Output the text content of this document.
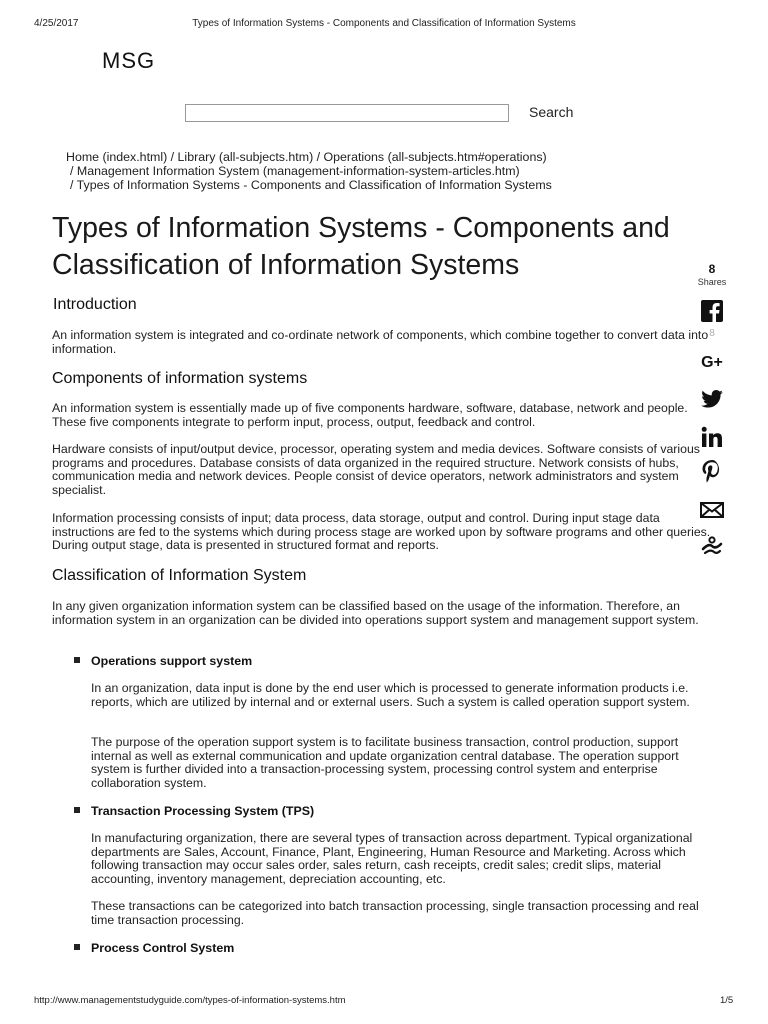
4/25/2017	Types of Information Systems - Components and Classification of Information Systems
MSG
Search
Home (index.html) / Library (all-subjects.htm) / Operations (all-subjects.htm#operations)
/ Management Information System (management-information-system-articles.htm)
/ Types of Information Systems - Components and Classification of Information Systems
Types of Information Systems - Components and Classification of Information Systems
Introduction

An information system is integrated and co-ordinate network of components, which combine together to convert data into information.

Components of information systems

An information system is essentially made up of five components hardware, software, database, network and people. These five components integrate to perform input, process, output, feedback and control.

Hardware consists of input/output device, processor, operating system and media devices. Software consists of various programs and procedures. Database consists of data organized in the required structure. Network consists of hubs, communication media and network devices. People consist of device operators, network administrators and system specialist.

Information processing consists of input; data process, data storage, output and control. During input stage data instructions are fed to the systems which during process stage are worked upon by software programs and other queries. During output stage, data is presented in structured format and reports.

Classification of Information System

In any given organization information system can be classified based on the usage of the information. Therefore, an information system in an organization can be divided into operations support system and management support system.

Operations support system

In an organization, data input is done by the end user which is processed to generate information products i.e. reports, which are utilized by internal and or external users. Such a system is called operation support system.

The purpose of the operation support system is to facilitate business transaction, control production, support internal as well as external communication and update organization central database. The operation support system is further divided into a transaction-processing system, processing control system and enterprise collaboration system.

Transaction Processing System (TPS)

In manufacturing organization, there are several types of transaction across department. Typical organizational departments are Sales, Account, Finance, Plant, Engineering, Human Resource and Marketing. Across which following transaction may occur sales order, sales return, cash receipts, credit sales; credit slips, material accounting, inventory management, depreciation accounting, etc.

These transactions can be categorized into batch transaction processing, single transaction processing and real time transaction processing.

Process Control System
8
Shares
8
G+
http://www.managementstudyguide.com/types-of-information-systems.htm	1/5
